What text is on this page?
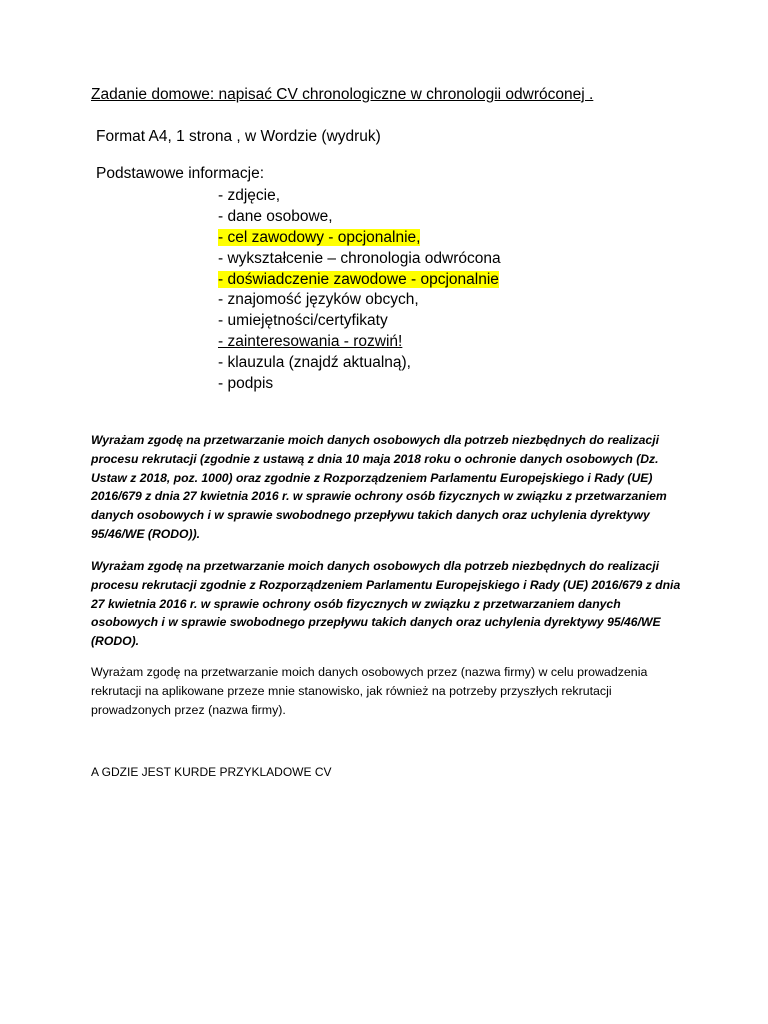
Zadanie domowe: napisać CV chronologiczne w chronologii odwróconej .
Format A4, 1 strona , w Wordzie (wydruk)
Podstawowe informacje:
- zdjęcie,
- dane osobowe,
- cel zawodowy - opcjonalnie,
- wykształcenie – chronologia odwrócona
- doświadczenie zawodowe - opcjonalnie
- znajomość języków obcych,
- umiejętności/certyfikaty
- zainteresowania - rozwiń!
- klauzula (znajdź aktualną),
- podpis

Wyrażam zgodę na przetwarzanie moich danych osobowych dla potrzeb niezbędnych do realizacji procesu rekrutacji (zgodnie z ustawą z dnia 10 maja 2018 roku o ochronie danych osobowych (Dz. Ustaw z 2018, poz. 1000) oraz zgodnie z Rozporządzeniem Parlamentu Europejskiego i Rady (UE) 2016/679 z dnia 27 kwietnia 2016 r. w sprawie ochrony osób fizycznych w związku z przetwarzaniem danych osobowych i w sprawie swobodnego przepływu takich danych oraz uchylenia dyrektywy 95/46/WE (RODO)).

Wyrażam zgodę na przetwarzanie moich danych osobowych dla potrzeb niezbędnych do realizacji procesu rekrutacji zgodnie z Rozporządzeniem Parlamentu Europejskiego i Rady (UE) 2016/679 z dnia 27 kwietnia 2016 r. w sprawie ochrony osób fizycznych w związku z przetwarzaniem danych osobowych i w sprawie swobodnego przepływu takich danych oraz uchylenia dyrektywy 95/46/WE (RODO).

Wyrażam zgodę na przetwarzanie moich danych osobowych przez (nazwa firmy) w celu prowadzenia rekrutacji na aplikowane przeze mnie stanowisko, jak również na potrzeby przyszłych rekrutacji prowadzonych przez (nazwa firmy).

A GDZIE JEST KURDE PRZYKLADOWE CV
